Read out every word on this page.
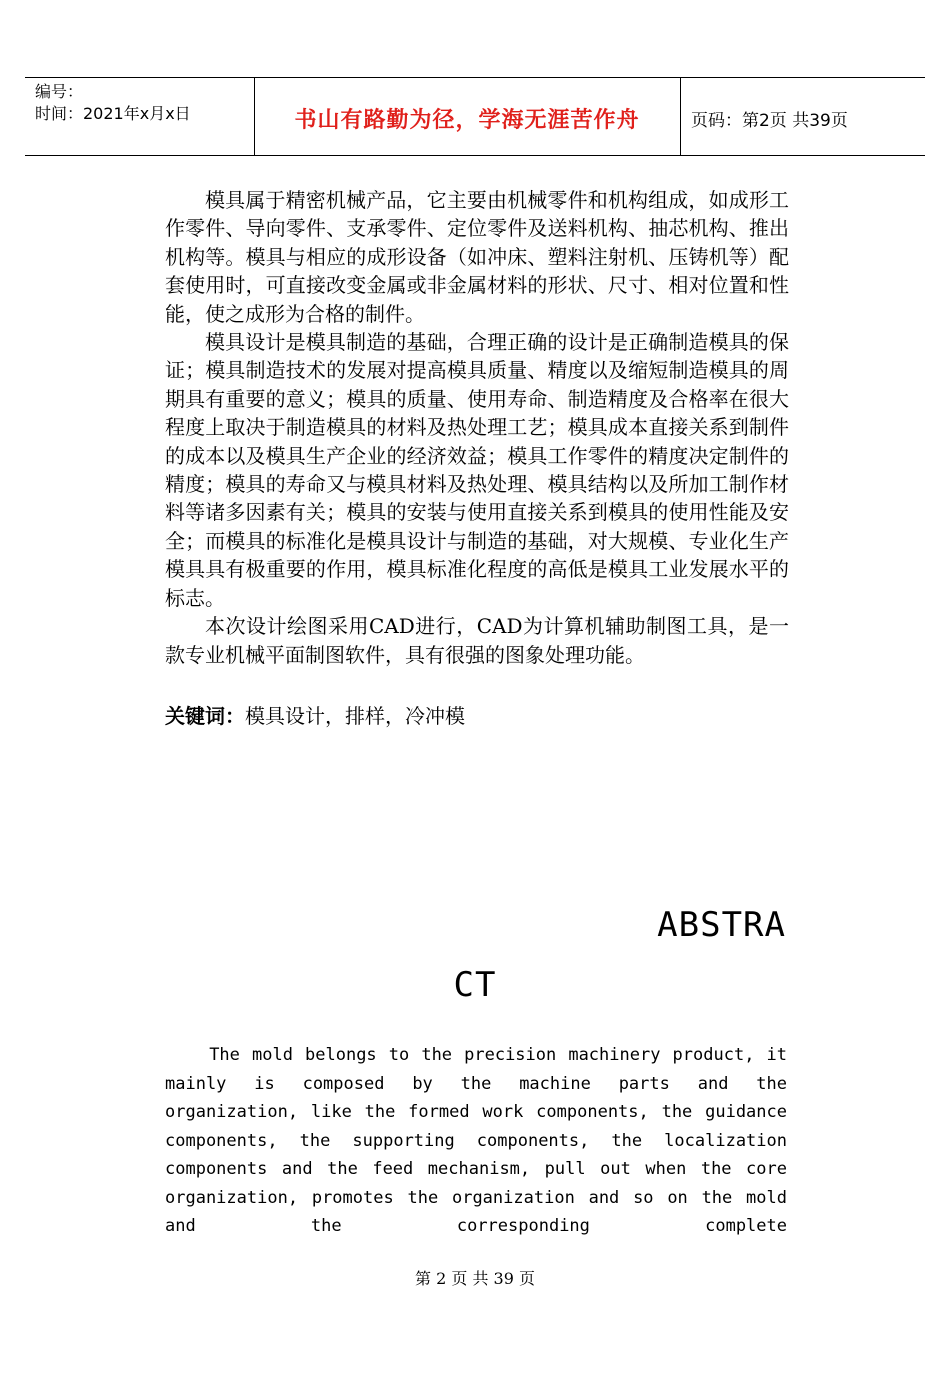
编号：
时间：2021年x月x日	书山有路勤为径，学海无涯苦作舟	页码：第2页 共39页

模具属于精密机械产品，它主要由机械零件和机构组成，如成形工作零件、导向零件、支承零件、定位零件及送料机构、抽芯机构、推出机构等。模具与相应的成形设备（如冲床、塑料注射机、压铸机等）配套使用时，可直接改变金属或非金属材料的形状、尺寸、相对位置和性能，使之成形为合格的制件。

模具设计是模具制造的基础，合理正确的设计是正确制造模具的保证；模具制造技术的发展对提高模具质量、精度以及缩短制造模具的周期具有重要的意义；模具的质量、使用寿命、制造精度及合格率在很大程度上取决于制造模具的材料及热处理工艺；模具成本直接关系到制件的成本以及模具生产企业的经济效益；模具工作零件的精度决定制件的精度；模具的寿命又与模具材料及热处理、模具结构以及所加工制作材料等诸多因素有关；模具的安装与使用直接关系到模具的使用性能及安全；而模具的标准化是模具设计与制造的基础，对大规模、专业化生产模具具有极重要的作用，模具标准化程度的高低是模具工业发展水平的标志。

本次设计绘图采用CAD进行，CAD为计算机辅助制图工具，是一款专业机械平面制图软件，具有很强的图象处理功能。

关键词：模具设计，排样，冷冲模
ABSTRA
CT

The mold belongs to the precision machinery product, it mainly is composed by the machine parts and the organization, like the formed work components, the guidance components, the supporting components, the localization components and the feed mechanism, pull out when the core organization, promotes the organization and so on the mold and the corresponding complete

第 2 页 共 39 页
